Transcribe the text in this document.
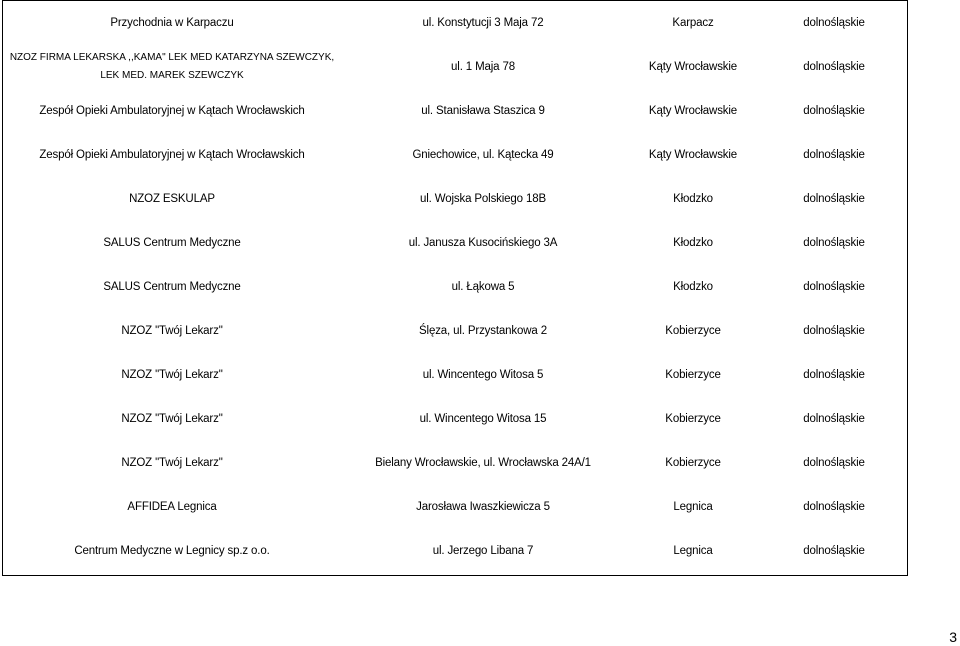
Przychodnia w Karpaczu	ul. Konstytucji 3 Maja 72	Karpacz	dolnośląskie
NZOZ FIRMA LEKARSKA ,,KAMA" LEK MED KATARZYNA SZEWCZYK,
LEK MED. MAREK SZEWCZYK	ul. 1 Maja 78	Kąty Wrocławskie	dolnośląskie
Zespół Opieki Ambulatoryjnej w Kątach Wrocławskich	ul. Stanisława Staszica 9	Kąty Wrocławskie	dolnośląskie
Zespół Opieki Ambulatoryjnej w Kątach Wrocławskich	Gniechowice, ul. Kątecka 49	Kąty Wrocławskie	dolnośląskie
NZOZ ESKULAP	ul. Wojska Polskiego 18B	Kłodzko	dolnośląskie
SALUS Centrum Medyczne	ul. Janusza Kusocińskiego 3A	Kłodzko	dolnośląskie
SALUS Centrum Medyczne	ul. Łąkowa 5	Kłodzko	dolnośląskie
NZOZ "Twój Lekarz"	Ślęza, ul. Przystankowa 2	Kobierzyce	dolnośląskie
NZOZ "Twój Lekarz"	ul. Wincentego Witosa 5	Kobierzyce	dolnośląskie
NZOZ "Twój Lekarz"	ul. Wincentego Witosa 15	Kobierzyce	dolnośląskie
NZOZ "Twój Lekarz"	Bielany Wrocławskie, ul. Wrocławska 24A/1	Kobierzyce	dolnośląskie
AFFIDEA Legnica	Jarosława Iwaszkiewicza 5	Legnica	dolnośląskie
Centrum Medyczne w Legnicy sp.z o.o.	ul. Jerzego Libana 7	Legnica	dolnośląskie
3
